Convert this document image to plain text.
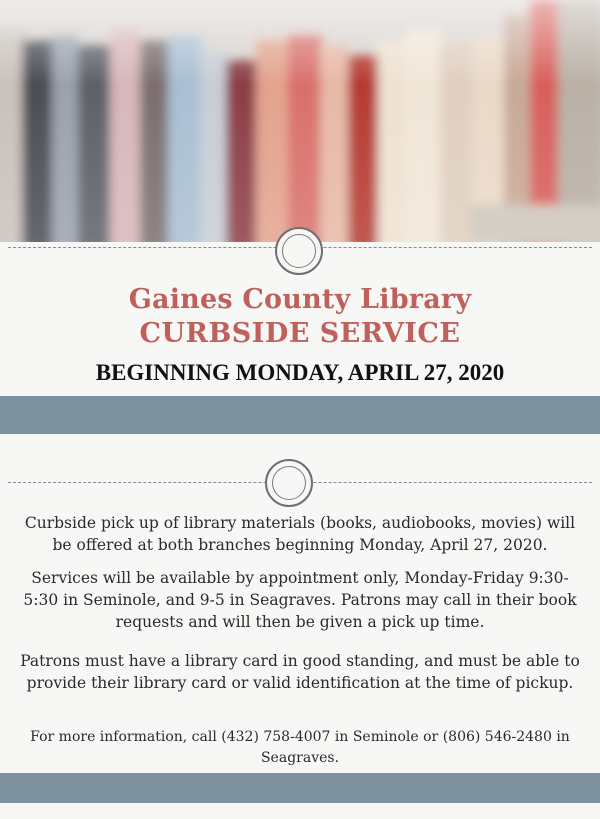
Gaines County Library
CURBSIDE SERVICE
BEGINNING MONDAY, APRIL 27, 2020

Curbside pick up of library materials (books, audiobooks, movies) will be offered at both branches beginning Monday, April 27, 2020.

Services will be available by appointment only, Monday-Friday 9:30-5:30 in Seminole, and 9-5 in Seagraves. Patrons may call in their book requests and will then be given a pick up time.

Patrons must have a library card in good standing, and must be able to provide their library card or valid identification at the time of pickup.

For more information, call (432) 758-4007 in Seminole or (806) 546-2480 in Seagraves.
